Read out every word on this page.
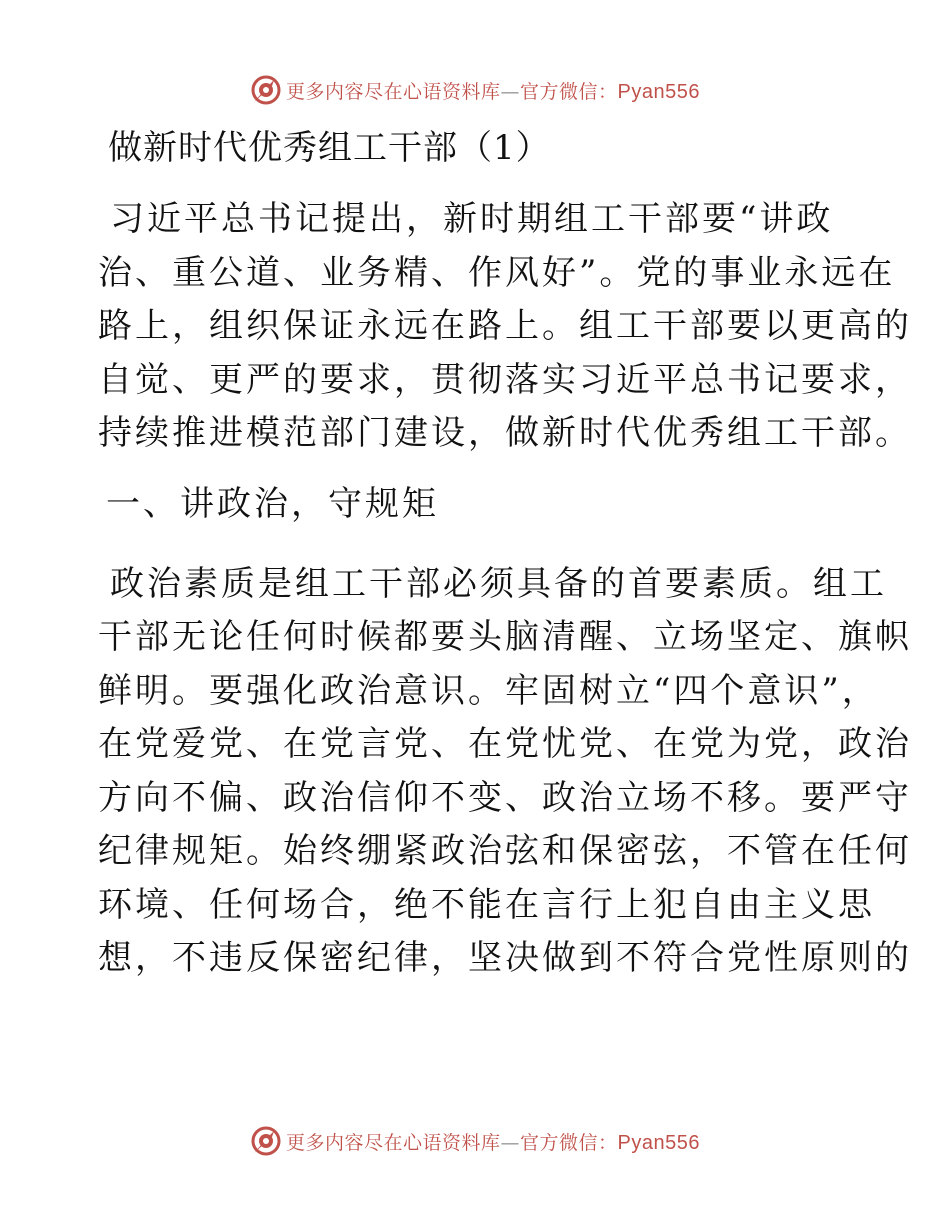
更多内容尽在心语资料库—官方微信：Pyan556
做新时代优秀组工干部（1）

习近平总书记提出，新时期组工干部要“讲政
治、重公道、业务精、作风好”。党的事业永远在
路上，组织保证永远在路上。组工干部要以更高的
自觉、更严的要求，贯彻落实习近平总书记要求，
持续推进模范部门建设，做新时代优秀组工干部。

一、讲政治，守规矩

政治素质是组工干部必须具备的首要素质。组工
干部无论任何时候都要头脑清醒、立场坚定、旗帜
鲜明。要强化政治意识。牢固树立“四个意识”，
在党爱党、在党言党、在党忧党、在党为党，政治
方向不偏、政治信仰不变、政治立场不移。要严守
纪律规矩。始终绷紧政治弦和保密弦，不管在任何
环境、任何场合，绝不能在言行上犯自由主义思
想，不违反保密纪律，坚决做到不符合党性原则的

更多内容尽在心语资料库—官方微信：Pyan556
